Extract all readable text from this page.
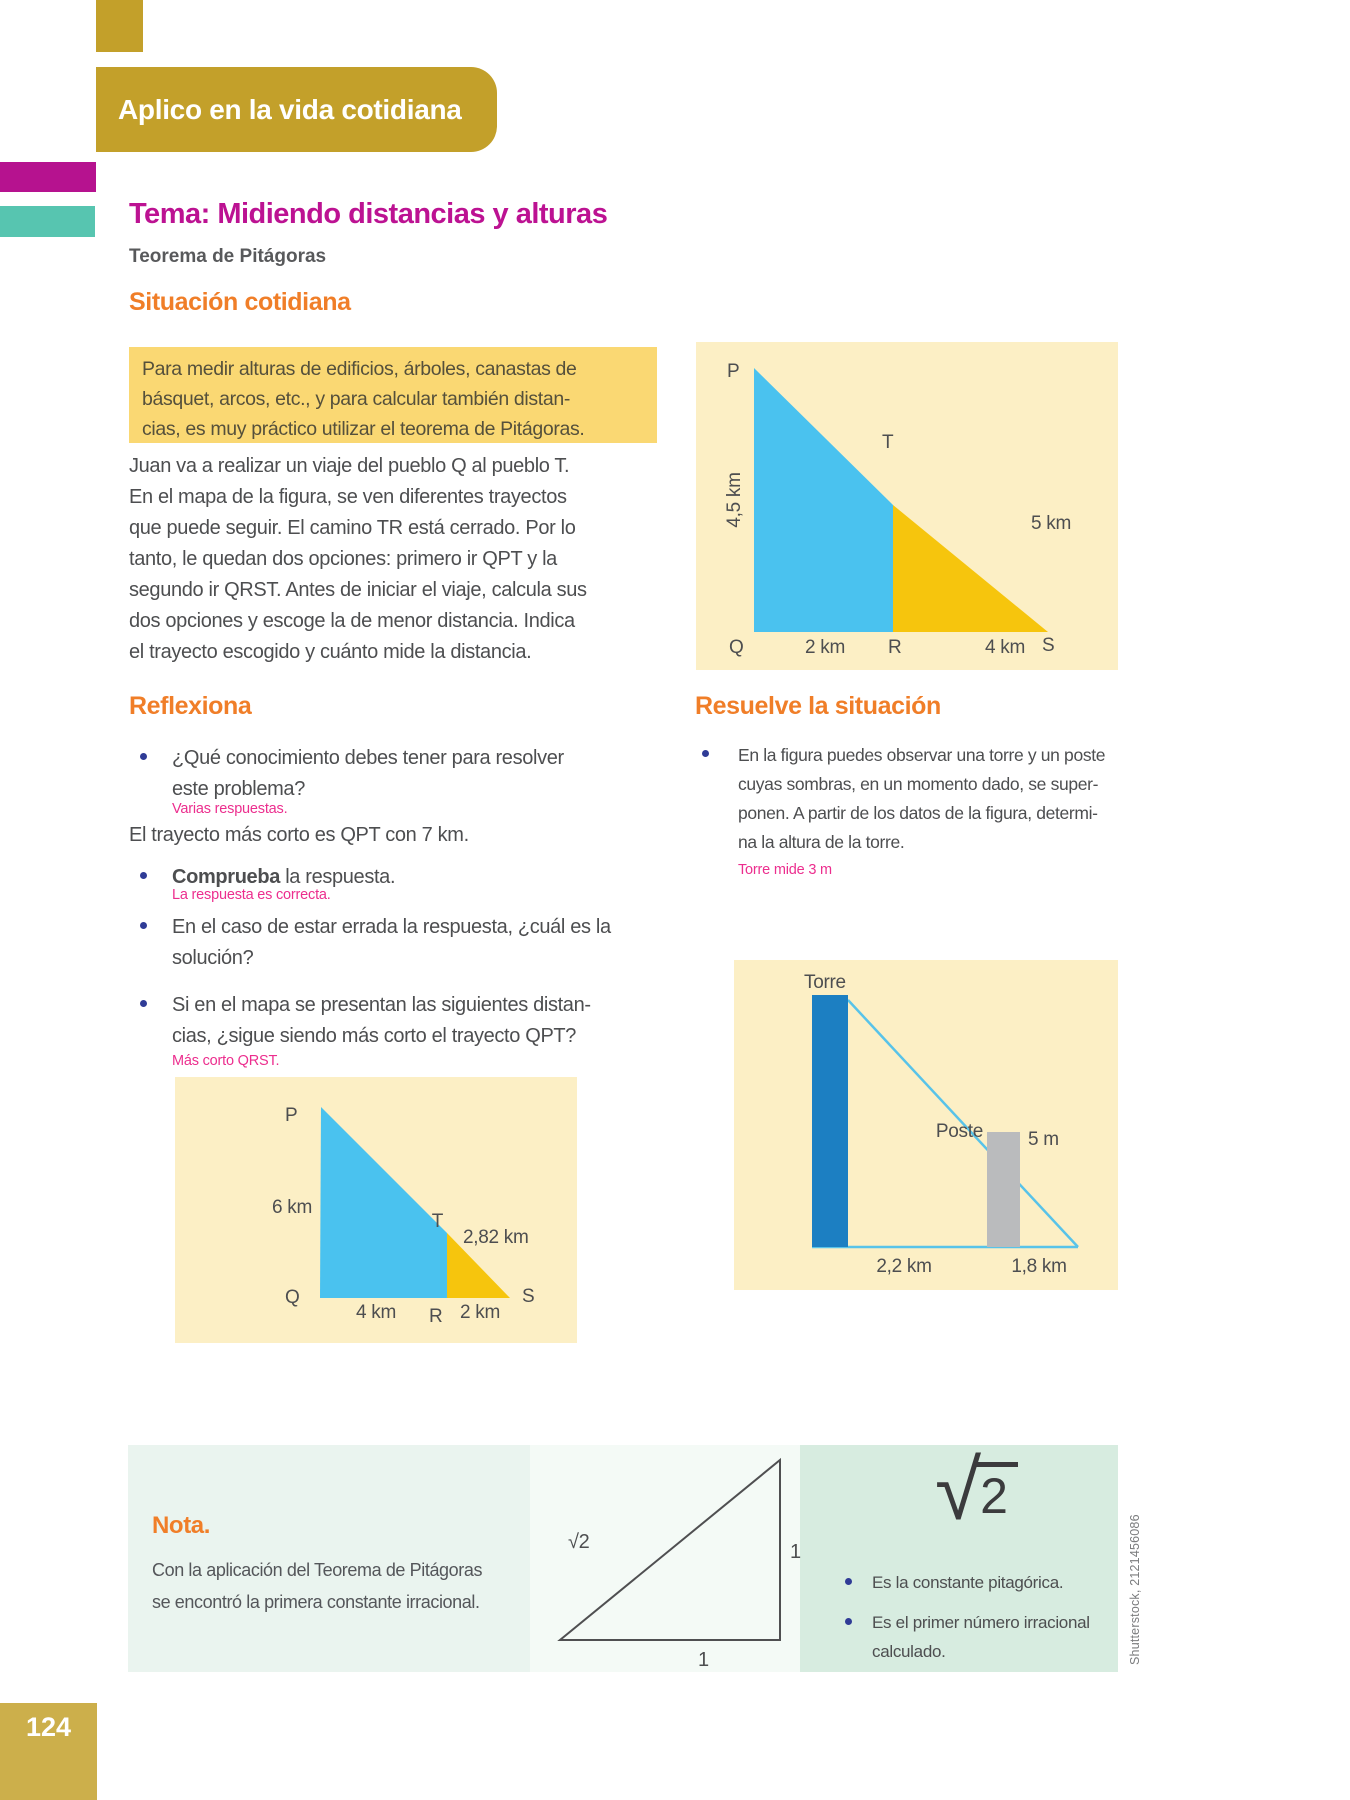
Aplico en la vida cotidiana
Tema: Midiendo distancias y alturas
Teorema de Pitágoras
Situación cotidiana
Para medir alturas de edificios, árboles, canastas de
básquet, arcos, etc., y para calcular también distan-
cias, es muy práctico utilizar el teorema de Pitágoras.
Juan va a realizar un viaje del pueblo Q al pueblo T.
En el mapa de la figura, se ven diferentes trayectos
que puede seguir. El camino TR está cerrado. Por lo
tanto, le quedan dos opciones: primero ir QPT y la
segundo ir QRST. Antes de iniciar el viaje, calcula sus
dos opciones y escoge la de menor distancia. Indica
el trayecto escogido y cuánto mide la distancia.
Reflexiona
¿Qué conocimiento debes tener para resolver
este problema?
Varias respuestas.
El trayecto más corto es QPT con 7 km.
Comprueba la respuesta.
La respuesta es correcta.
En el caso de estar errada la respuesta, ¿cuál es la
solución?
Si en el mapa se presentan las siguientes distan-
cias, ¿sigue siendo más corto el trayecto QPT?
Más corto QRST.
P
6 km
T
2,82 km
Q
4 km R 2 km
S
P
T
4,5 km	5 km
Q	2 km R	4 km S
Resuelve la situación
En la figura puedes observar una torre y un poste
cuyas sombras, en un momento dado, se super-
ponen. A partir de los datos de la figura, determi-
na la altura de la torre.
Torre mide 3 m
Torre
Poste 5 m
2,2 km	1,8 km
Nota.
Con la aplicación del Teorema de Pitágoras
se encontró la primera constante irracional.
√2	1
1
√ 2
Es la constante pitagórica.
Es el primer número irracional
calculado.	Shutterstock, 2121456086
124
